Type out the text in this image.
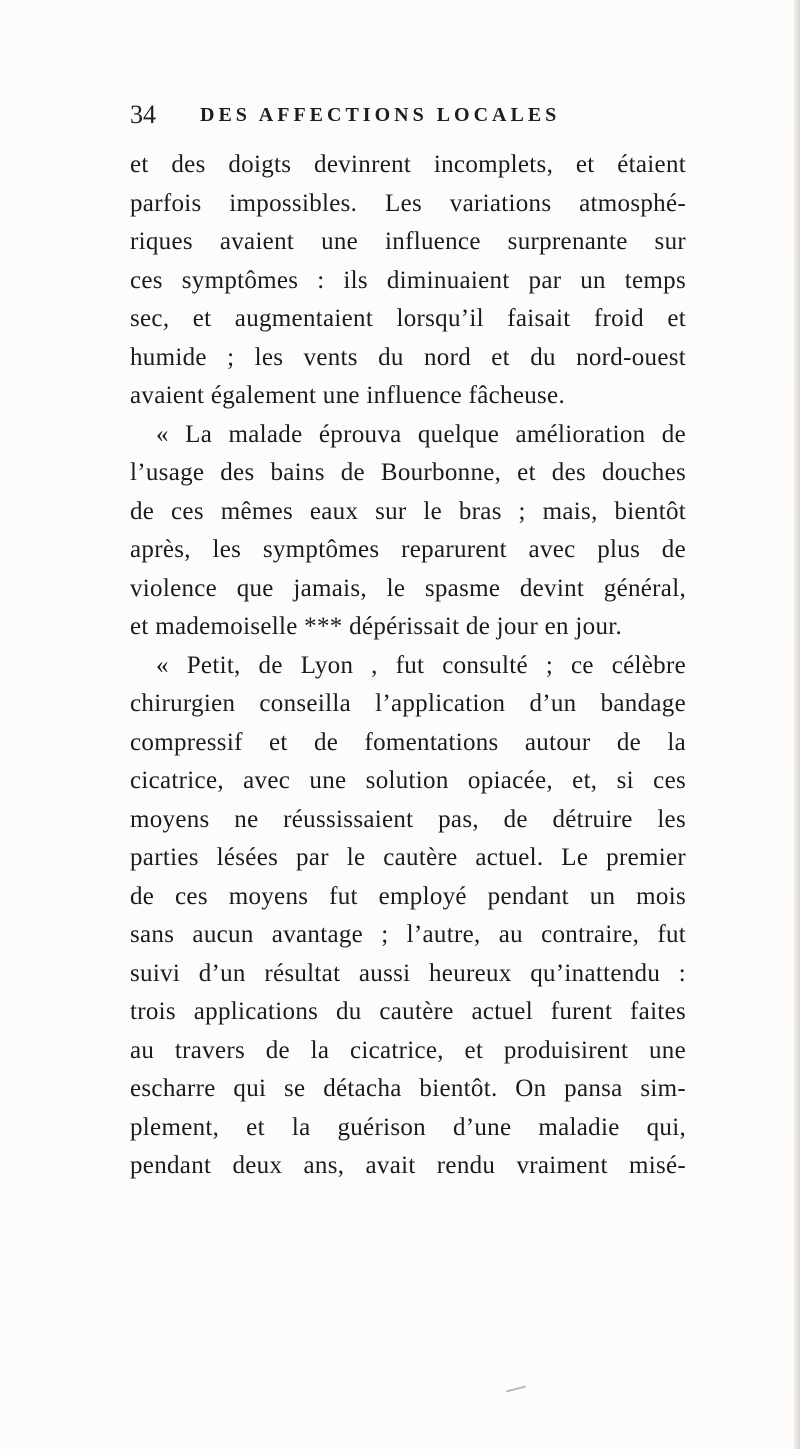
34 DES AFFECTIONS LOCALES
et des doigts devinrent incomplets, et étaient
parfois impossibles. Les variations atmosphé-
riques avaient une influence surprenante sur
ces symptômes : ils diminuaient par un temps
sec, et augmentaient lorsqu’il faisait froid et
humide ; les vents du nord et du nord-ouest
avaient également une influence fâcheuse.
« La malade éprouva quelque amélioration de
l’usage des bains de Bourbonne, et des douches
de ces mêmes eaux sur le bras ; mais, bientôt
après, les symptômes reparurent avec plus de
violence que jamais, le spasme devint général,
et mademoiselle *** dépérissait de jour en jour.
« Petit, de Lyon , fut consulté ; ce célèbre
chirurgien conseilla l’application d’un bandage
compressif et de fomentations autour de la
cicatrice, avec une solution opiacée, et, si ces
moyens ne réussissaient pas, de détruire les
parties lésées par le cautère actuel. Le premier
de ces moyens fut employé pendant un mois
sans aucun avantage ; l’autre, au contraire, fut
suivi d’un résultat aussi heureux qu’inattendu :
trois applications du cautère actuel furent faites
au travers de la cicatrice, et produisirent une
escharre qui se détacha bientôt. On pansa sim-
plement, et la guérison d’une maladie qui,
pendant deux ans, avait rendu vraiment misé-
